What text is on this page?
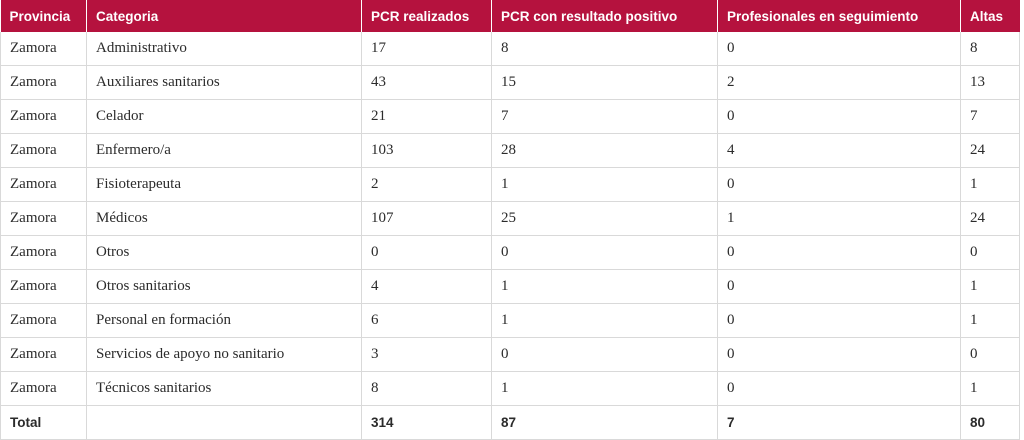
Provincia	Categoria	PCR realizados	PCR con resultado positivo	Profesionales en seguimiento	Altas
Zamora	Administrativo	17	8	0	8
Zamora	Auxiliares sanitarios	43	15	2	13
Zamora	Celador	21	7	0	7
Zamora	Enfermero/a	103	28	4	24
Zamora	Fisioterapeuta	2	1	0	1
Zamora	Médicos	107	25	1	24
Zamora	Otros	0	0	0	0
Zamora	Otros sanitarios	4	1	0	1
Zamora	Personal en formación	6	1	0	1
Zamora	Servicios de apoyo no sanitario	3	0	0	0
Zamora	Técnicos sanitarios	8	1	0	1
Total		314	87	7	80
